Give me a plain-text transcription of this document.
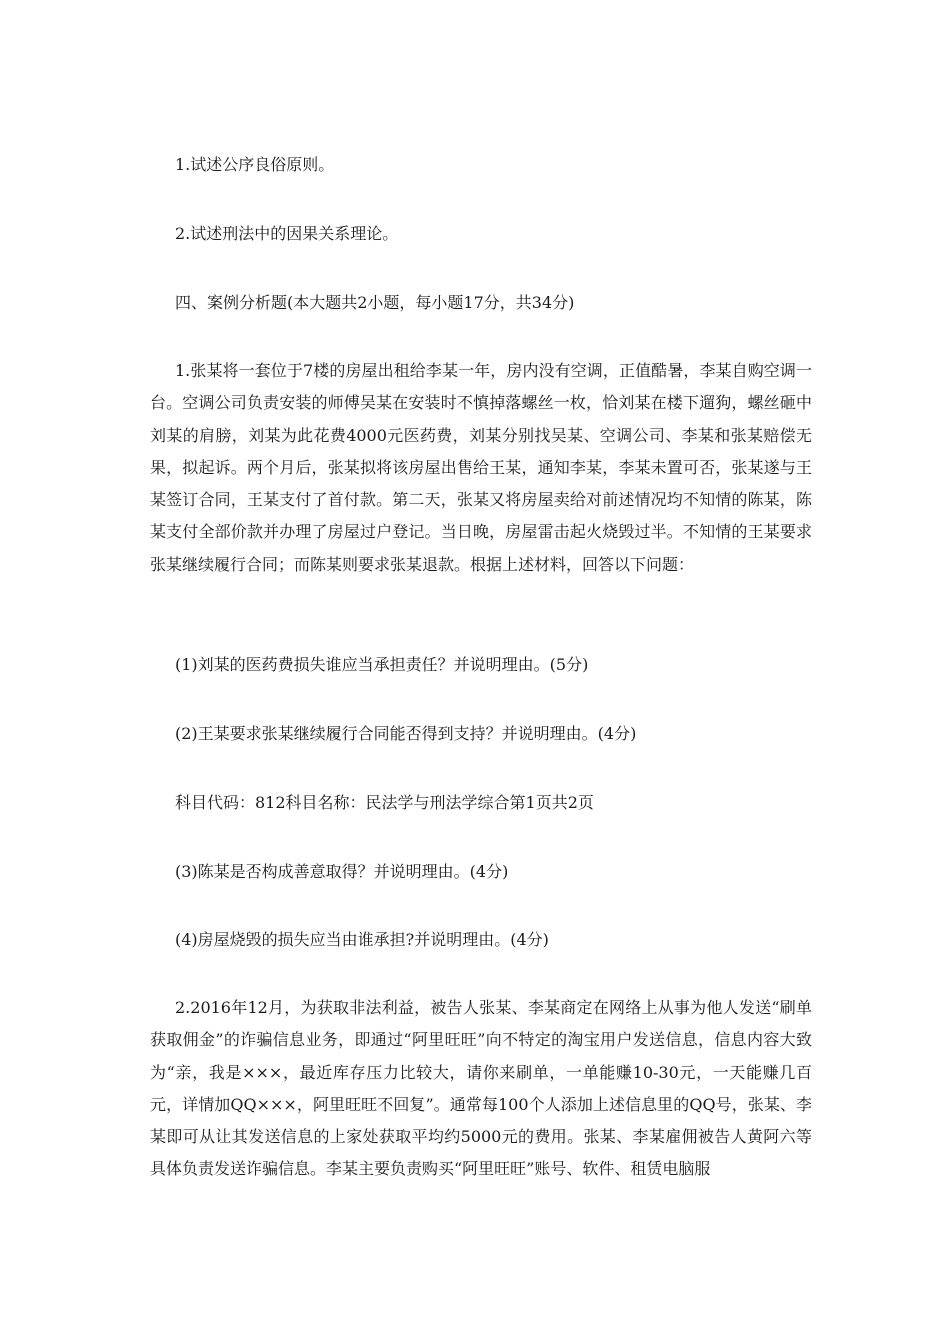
1.试述公序良俗原则。
2.试述刑法中的因果关系理论。
四、案例分析题(本大题共2小题，每小题17分，共34分)
1.张某将一套位于7楼的房屋出租给李某一年，房内没有空调，正值酷暑，李某自购空调一台。空调公司负责安装的师傅吴某在安装时不慎掉落螺丝一枚，恰刘某在楼下遛狗，螺丝砸中刘某的肩膀，刘某为此花费4000元医药费，刘某分别找吴某、空调公司、李某和张某赔偿无果，拟起诉。两个月后，张某拟将该房屋出售给王某，通知李某，李某未置可否，张某遂与王某签订合同，王某支付了首付款。第二天，张某又将房屋卖给对前述情况均不知情的陈某，陈某支付全部价款并办理了房屋过户登记。当日晚，房屋雷击起火烧毁过半。不知情的王某要求张某继续履行合同；而陈某则要求张某退款。根据上述材料，回答以下问题：
(1)刘某的医药费损失谁应当承担责任？并说明理由。(5分)
(2)王某要求张某继续履行合同能否得到支持？并说明理由。(4分)
科目代码：812科目名称：民法学与刑法学综合第1页共2页
(3)陈某是否构成善意取得？并说明理由。(4分)
(4)房屋烧毁的损失应当由谁承担?并说明理由。(4分)
2.2016年12月，为获取非法利益，被告人张某、李某商定在网络上从事为他人发送“刷单获取佣金”的诈骗信息业务，即通过“阿里旺旺”向不特定的淘宝用户发送信息，信息内容大致为“亲，我是×××，最近库存压力比较大，请你来刷单，一单能赚10-30元，一天能赚几百元，详情加QQ×××，阿里旺旺不回复”。通常每100个人添加上述信息里的QQ号，张某、李某即可从让其发送信息的上家处获取平均约5000元的费用。张某、李某雇佣被告人黄阿六等具体负责发送诈骗信息。李某主要负责购买“阿里旺旺”账号、软件、租赁电脑服
